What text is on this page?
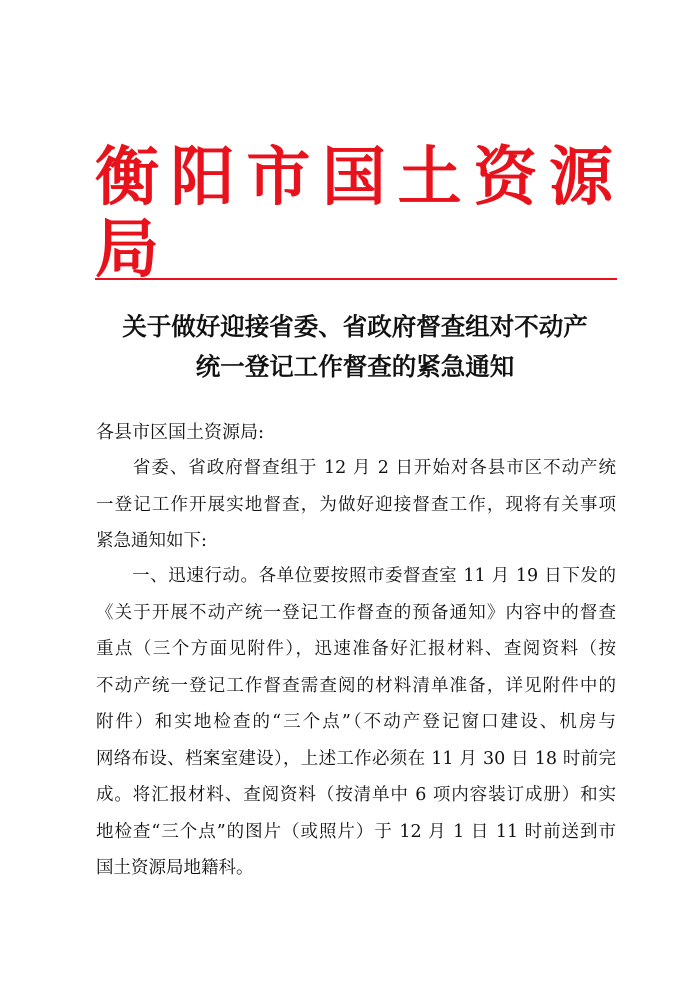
衡阳市国土资源局
关于做好迎接省委、省政府督查组对不动产
统一登记工作督查的紧急通知
各县市区国土资源局:
　　省委、省政府督查组于 12 月 2 日开始对各县市区不动产统
一登记工作开展实地督查，为做好迎接督查工作，现将有关事项
紧急通知如下:
　　一、迅速行动。各单位要按照市委督查室 11 月 19 日下发的
《关于开展不动产统一登记工作督查的预备通知》内容中的督查
重点（三个方面见附件），迅速准备好汇报材料、查阅资料（按
不动产统一登记工作督查需查阅的材料清单准备，详见附件中的
附件）和实地检查的“三个点”（不动产登记窗口建设、机房与
网络布设、档案室建设），上述工作必须在 11 月 30 日 18 时前完
成。将汇报材料、查阅资料（按清单中 6 项内容装订成册）和实
地检查“三个点”的图片（或照片）于 12 月 1 日 11 时前送到市
国土资源局地籍科。
